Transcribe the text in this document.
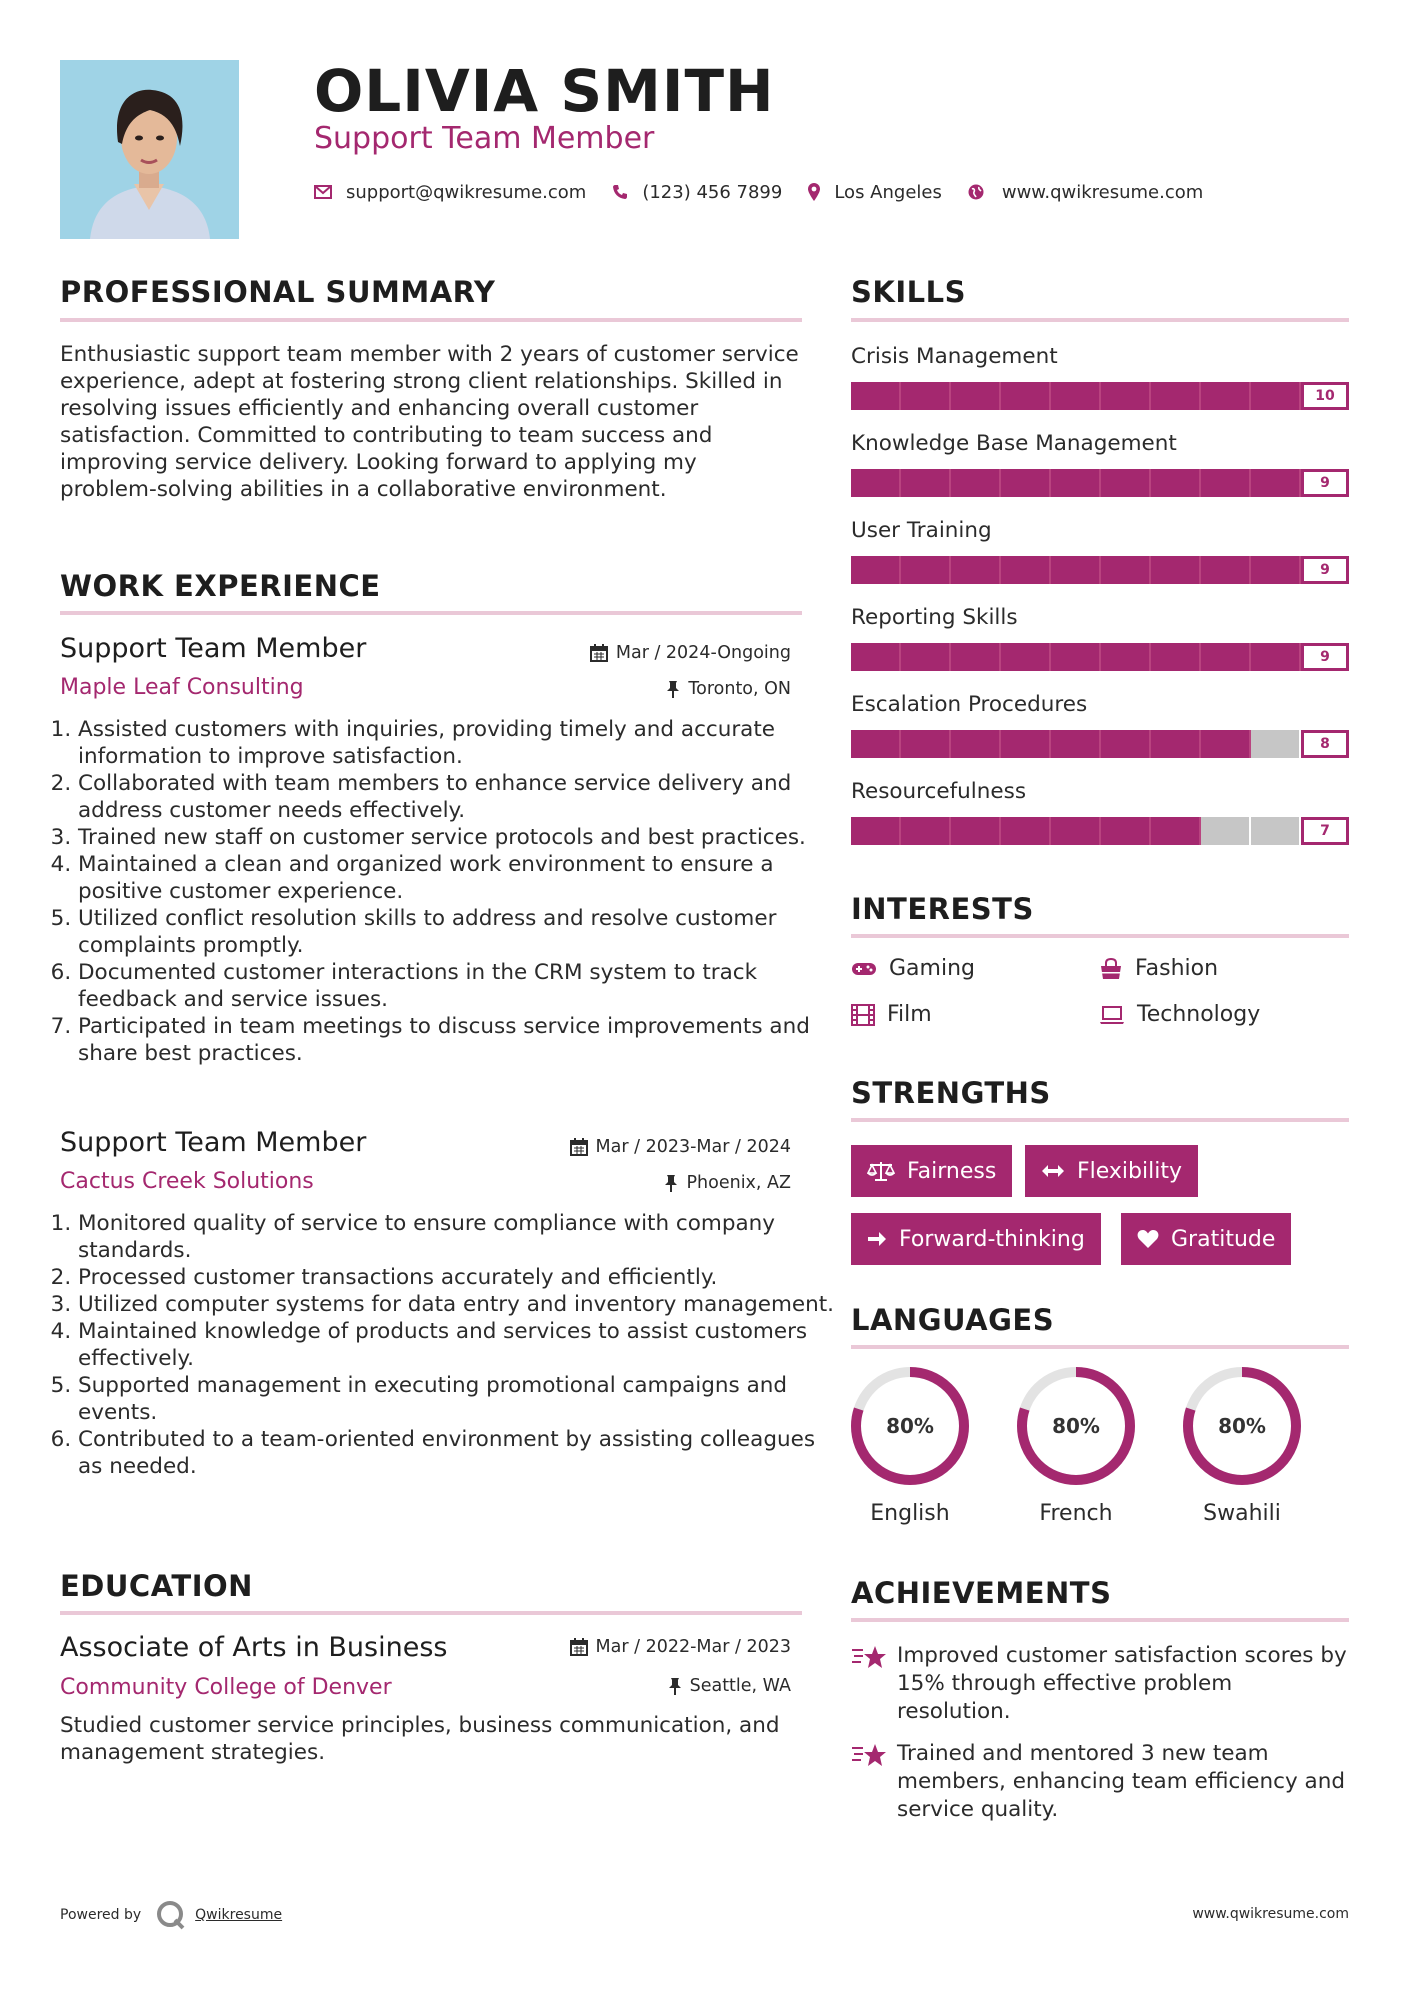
OLIVIA SMITH
Support Team Member
support@qwikresume.com	(123) 456 7899	Los Angeles	www.qwikresume.com
PROFESSIONAL SUMMARY

Enthusiastic support team member with 2 years of customer service experience, adept at fostering strong client relationships. Skilled in resolving issues efficiently and enhancing overall customer satisfaction. Committed to contributing to team success and improving service delivery. Looking forward to applying my problem-solving abilities in a collaborative environment.

WORK EXPERIENCE
Support Team Member	Mar / 2024-Ongoing
Maple Leaf Consulting	Toronto, ON
1. Assisted customers with inquiries, providing timely and accurate information to improve satisfaction.
2. Collaborated with team members to enhance service delivery and address customer needs effectively.
3. Trained new staff on customer service protocols and best practices.
4. Maintained a clean and organized work environment to ensure a positive customer experience.
5. Utilized conflict resolution skills to address and resolve customer complaints promptly.
6. Documented customer interactions in the CRM system to track feedback and service issues.
7. Participated in team meetings to discuss service improvements and share best practices.
Support Team Member	Mar / 2023-Mar / 2024
Cactus Creek Solutions	Phoenix, AZ
1. Monitored quality of service to ensure compliance with company standards.
2. Processed customer transactions accurately and efficiently.
3. Utilized computer systems for data entry and inventory management.
4. Maintained knowledge of products and services to assist customers effectively.
5. Supported management in executing promotional campaigns and events.
6. Contributed to a team-oriented environment by assisting colleagues as needed.
EDUCATION
Associate of Arts in Business	Mar / 2022-Mar / 2023
Community College of Denver	Seattle, WA

Studied customer service principles, business communication, and management strategies.

SKILLS
Crisis Management
10
Knowledge Base Management
9
User Training
9
Reporting Skills
9
Escalation Procedures
8
Resourcefulness
7
INTERESTS
Gaming	Fashion
Film	Technology
STRENGTHS
Fairness	Flexibility
Forward-thinking	Gratitude
LANGUAGES
80%	80%	80%
English	French	Swahili
ACHIEVEMENTS
Improved customer satisfaction scores by 15% through effective problem resolution.
Trained and mentored 3 new team members, enhancing team efficiency and service quality.
Powered by	Qwikresume	www.qwikresume.com
